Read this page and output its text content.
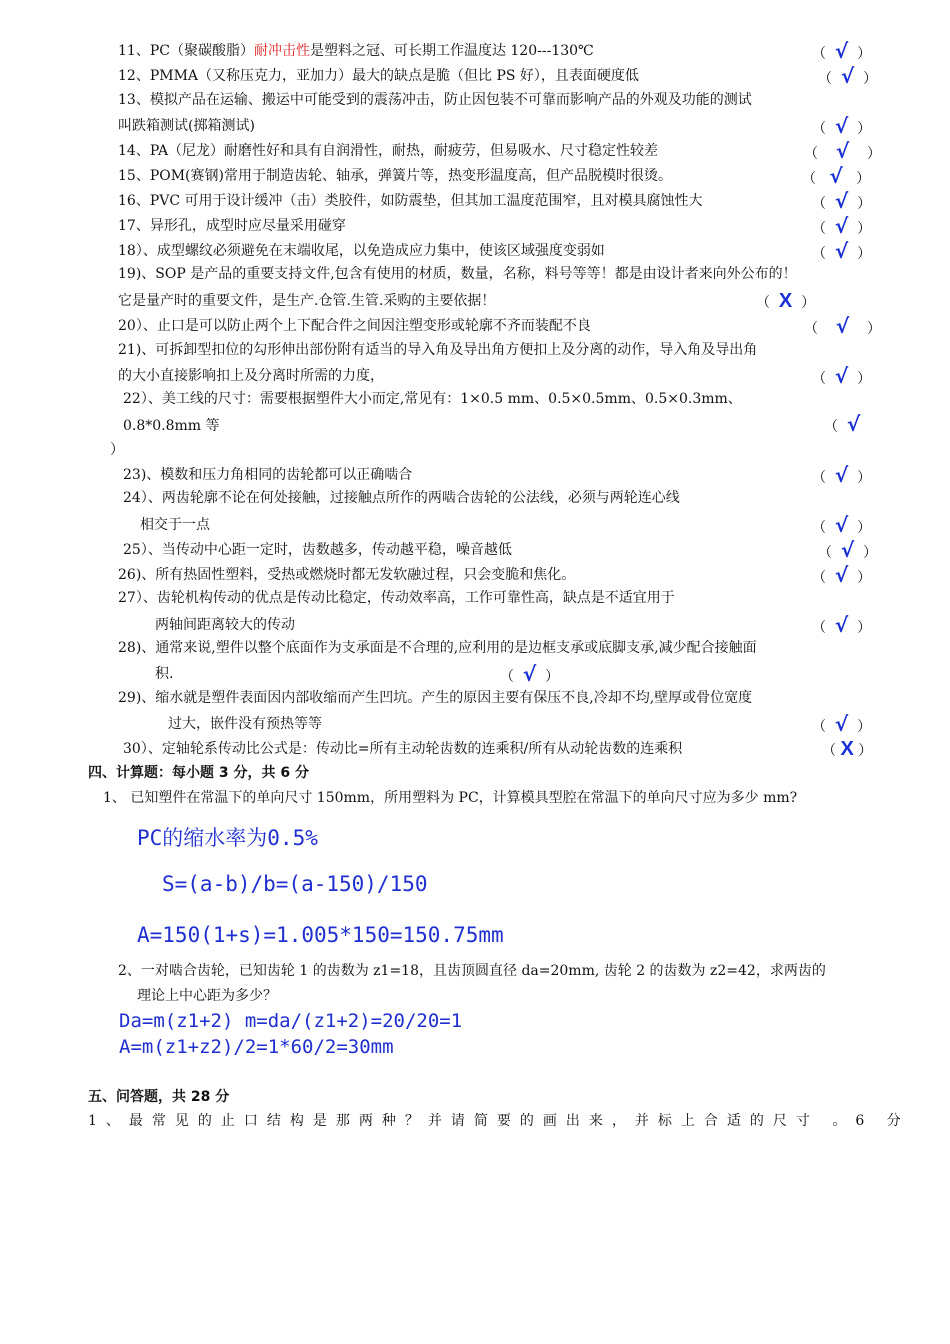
11、PC（聚碳酸脂）耐冲击性是塑料之冠、可长期工作温度达 120---130℃	（ √ ）
12、PMMA（又称压克力，亚加力）最大的缺点是脆（但比 PS 好），且表面硬度低	（ √ ）
13、模拟产品在运输、搬运中可能受到的震荡冲击，防止因包装不可靠而影响产品的外观及功能的测试
叫跌箱测试(掷箱测试)	（ √ ）
14、PA（尼龙）耐磨性好和具有自润滑性，耐热，耐疲劳，但易吸水、尺寸稳定性较差	（ √ ）
15、POM(赛钢)常用于制造齿轮、轴承，弹簧片等，热变形温度高，但产品脱模时很烫。	（ √ ）
16、PVC 可用于设计缓冲（击）类胶件，如防震垫，但其加工温度范围窄，且对模具腐蚀性大	（ √ ）
17、异形孔，成型时应尽量采用碰穿	（ √ ）
18）、成型螺纹必须避免在末端收尾，以免造成应力集中，使该区域强度变弱如	（ √ ）
19)、SOP 是产品的重要支持文件,包含有使用的材质，数量，名称，料号等等！都是由设计者来向外公布的！
它是量产时的重要文件，是生产.仓管.生管.采购的主要依据！	（ X ）
20）、止口是可以防止两个上下配合件之间因注塑变形或轮廓不齐而装配不良	（ √ ）
21)、可拆卸型扣位的勾形伸出部份附有适当的导入角及导出角方便扣上及分离的动作，导入角及导出角
的大小直接影响扣上及分离时所需的力度，	（ √ ）
22）、美工线的尺寸：需要根据塑件大小而定,常见有：1×0.5 mm、0.5×0.5mm、0.5×0.3mm、
0.8*0.8mm 等	（ √
）
23)、模数和压力角相同的齿轮都可以正确啮合	（ √ ）
24）、两齿轮廓不论在何处接触，过接触点所作的两啮合齿轮的公法线，必须与两轮连心线
相交于一点	（ √ ）
25）、当传动中心距一定时，齿数越多，传动越平稳，噪音越低	（ √ ）
26)、所有热固性塑料，受热或燃烧时都无发软融过程，只会变脆和焦化。	（ √ ）
27）、齿轮机构传动的优点是传动比稳定，传动效率高，工作可靠性高，缺点是不适宜用于
两轴间距离较大的传动	（ √ ）
28)、通常来说,塑件以整个底面作为支承面是不合理的,应利用的是边框支承或底脚支承,减少配合接触面
积.	（ √ ）
29)、缩水就是塑件表面因内部收缩而产生凹坑。产生的原因主要有保压不良,冷却不均,壁厚或骨位宽度
过大，嵌件没有预热等等	（ √ ）
30）、定轴轮系传动比公式是：传动比=所有主动轮齿数的连乘积/所有从动轮齿数的连乘积	（ X ）
四、计算题：每小题 3 分，共 6 分
1、 已知塑件在常温下的单向尺寸 150mm，所用塑料为 PC，计算模具型腔在常温下的单向尺寸应为多少 mm?
PC的缩水率为0.5%
S=(a-b)/b=(a-150)/150
A=150(1+s)=1.005*150=150.75mm
2、一对啮合齿轮，已知齿轮 1 的齿数为 z1=18，且齿顶圆直径 da=20mm, 齿轮 2 的齿数为 z2=42，求两齿的
理论上中心距为多少？
Da=m(z1+2) m=da/(z1+2)=20/20=1
A=m(z1+z2)/2=1*60/2=30mm
五、问答题，共 28 分
1、最常见的止口结构是那两种？并请简要的画出来，并标上合适的尺寸 。6 分
